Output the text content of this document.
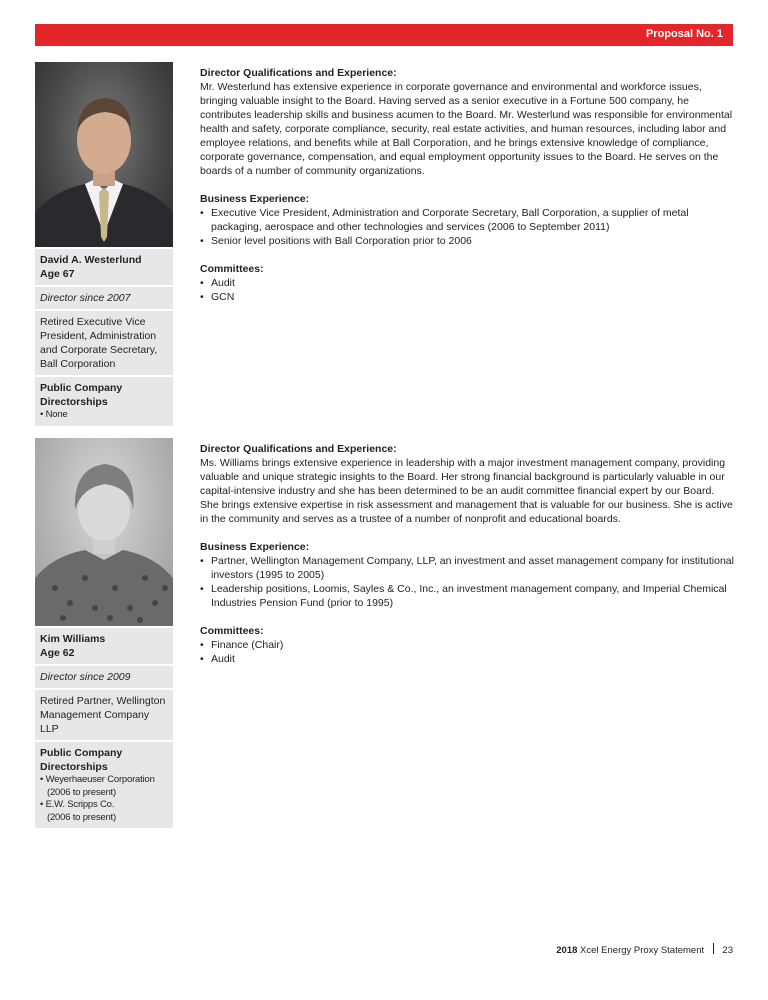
Proposal No. 1
David A. Westerlund
Age 67
Director since 2007
Retired Executive Vice President, Administration and Corporate Secretary, Ball Corporation
Public Company Directorships
• None
Director Qualifications and Experience:

Mr. Westerlund has extensive experience in corporate governance and environmental and workforce issues, bringing valuable insight to the Board. Having served as a senior executive in a Fortune 500 company, he contributes leadership skills and business acumen to the Board. Mr. Westerlund was responsible for environmental health and safety, corporate compliance, security, real estate activities, and human resources, including labor and employee relations, and benefits while at Ball Corporation, and he brings extensive knowledge of compliance, corporate governance, compensation, and equal employment opportunity issues to the Board. He serves on the boards of a number of community organizations.

Business Experience:
• Executive Vice President, Administration and Corporate Secretary, Ball Corporation, a supplier of metal packaging, aerospace and other technologies and services (2006 to September 2011)
• Senior level positions with Ball Corporation prior to 2006
Committees:
• Audit
• GCN
Kim Williams
Age 62
Director since 2009
Retired Partner, Wellington Management Company LLP
Public Company Directorships
• Weyerhaeuser Corporation
(2006 to present)
• E.W. Scripps Co.
(2006 to present)
Director Qualifications and Experience:

Ms. Williams brings extensive experience in leadership with a major investment management company, providing valuable and unique strategic insights to the Board. Her strong financial background is particularly valuable in our capital-intensive industry and she has been determined to be an audit committee financial expert by our Board. She brings extensive expertise in risk assessment and management that is valuable for our business. She is active in the community and serves as a trustee of a number of nonprofit and educational boards.

Business Experience:
• Partner, Wellington Management Company, LLP, an investment and asset management company for institutional investors (1995 to 2005)
• Leadership positions, Loomis, Sayles & Co., Inc., an investment management company, and Imperial Chemical Industries Pension Fund (prior to 1995)
Committees:
• Finance (Chair)
• Audit
2018 Xcel Energy Proxy Statement 23
